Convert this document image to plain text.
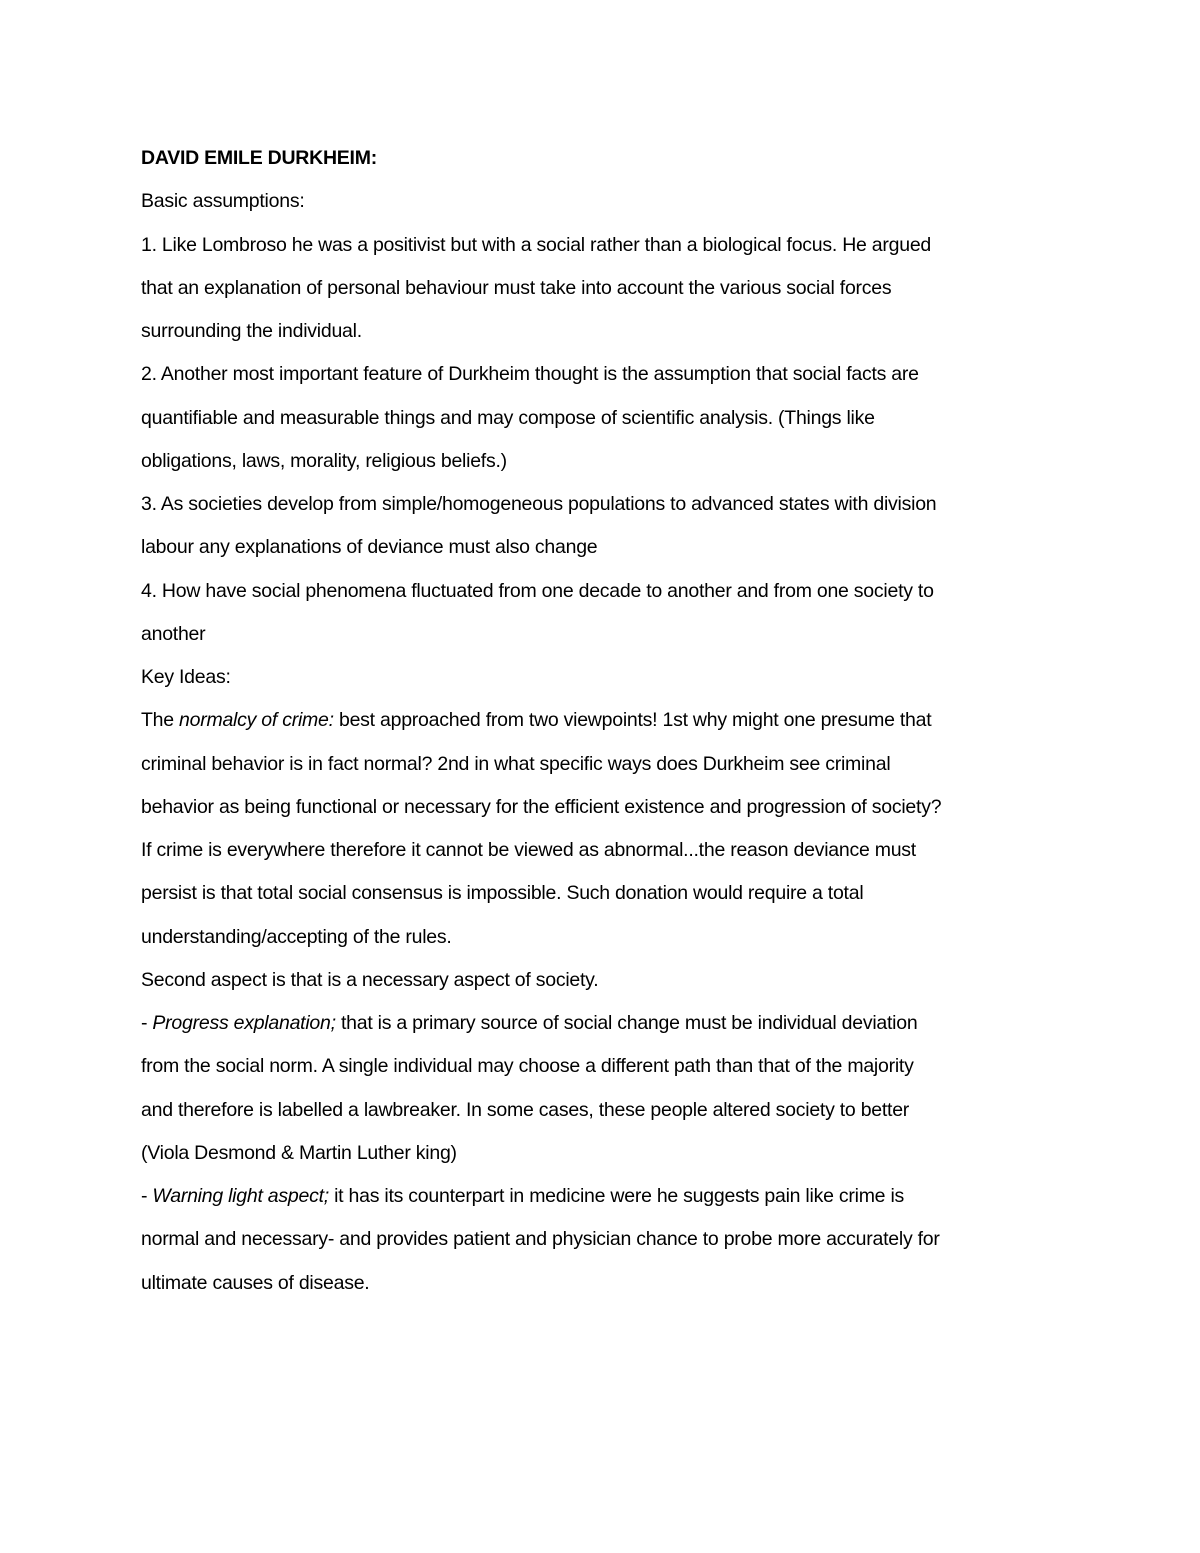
DAVID EMILE DURKHEIM:
Basic assumptions:
1. Like Lombroso he was a positivist but with a social rather than a biological focus. He argued
that an explanation of personal behaviour must take into account the various social forces
surrounding the individual.
2. Another most important feature of Durkheim thought is the assumption that social facts are
quantifiable and measurable things and may compose of scientific analysis. (Things like
obligations, laws, morality, religious beliefs.)
3. As societies develop from simple/homogeneous populations to advanced states with division
labour any explanations of deviance must also change
4. How have social phenomena fluctuated from one decade to another and from one society to
another
Key Ideas:
The normalcy of crime: best approached from two viewpoints! 1st why might one presume that
criminal behavior is in fact normal? 2nd in what specific ways does Durkheim see criminal
behavior as being functional or necessary for the efficient existence and progression of society?
If crime is everywhere therefore it cannot be viewed as abnormal...the reason deviance must
persist is that total social consensus is impossible. Such donation would require a total
understanding/accepting of the rules.
Second aspect is that is a necessary aspect of society.
- Progress explanation; that is a primary source of social change must be individual deviation
from the social norm. A single individual may choose a different path than that of the majority
and therefore is labelled a lawbreaker. In some cases, these people altered society to better
(Viola Desmond & Martin Luther king)
- Warning light aspect; it has its counterpart in medicine were he suggests pain like crime is
normal and necessary- and provides patient and physician chance to probe more accurately for
ultimate causes of disease.
